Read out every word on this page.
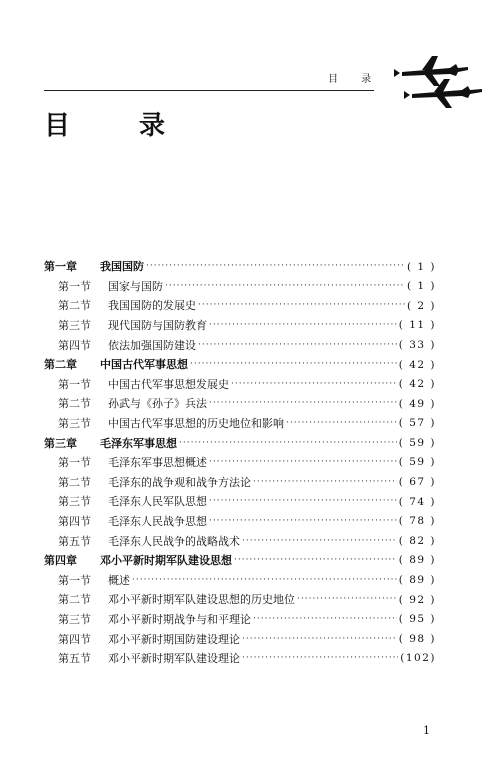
目 录
目 录
第一章	我国国防 ·····	( 1 )
第一节	国家与国防 ·····	( 1 )
第二节	我国国防的发展史 ·····	( 2 )
第三节	现代国防与国防教育 ·····	( 11 )
第四节	依法加强国防建设 ·····	( 33 )
第二章	中国古代军事思想 ·····	( 42 )
第一节	中国古代军事思想发展史 ·····	( 42 )
第二节	孙武与《孙子》兵法 ·····	( 49 )
第三节	中国古代军事思想的历史地位和影响 ·····	( 57 )
第三章	毛泽东军事思想 ·····	( 59 )
第一节	毛泽东军事思想概述 ·····	( 59 )
第二节	毛泽东的战争观和战争方法论 ·····	( 67 )
第三节	毛泽东人民军队思想 ·····	( 74 )
第四节	毛泽东人民战争思想 ·····	( 78 )
第五节	毛泽东人民战争的战略战术 ·····	( 82 )
第四章	邓小平新时期军队建设思想 ·····	( 89 )
第一节	概述 ·····	( 89 )
第二节	邓小平新时期军队建设思想的历史地位 ·····	( 92 )
第三节	邓小平新时期战争与和平理论 ·····	( 95 )
第四节	邓小平新时期国防建设理论 ·····	( 98 )
第五节	邓小平新时期军队建设理论 ·····	(102)
1
